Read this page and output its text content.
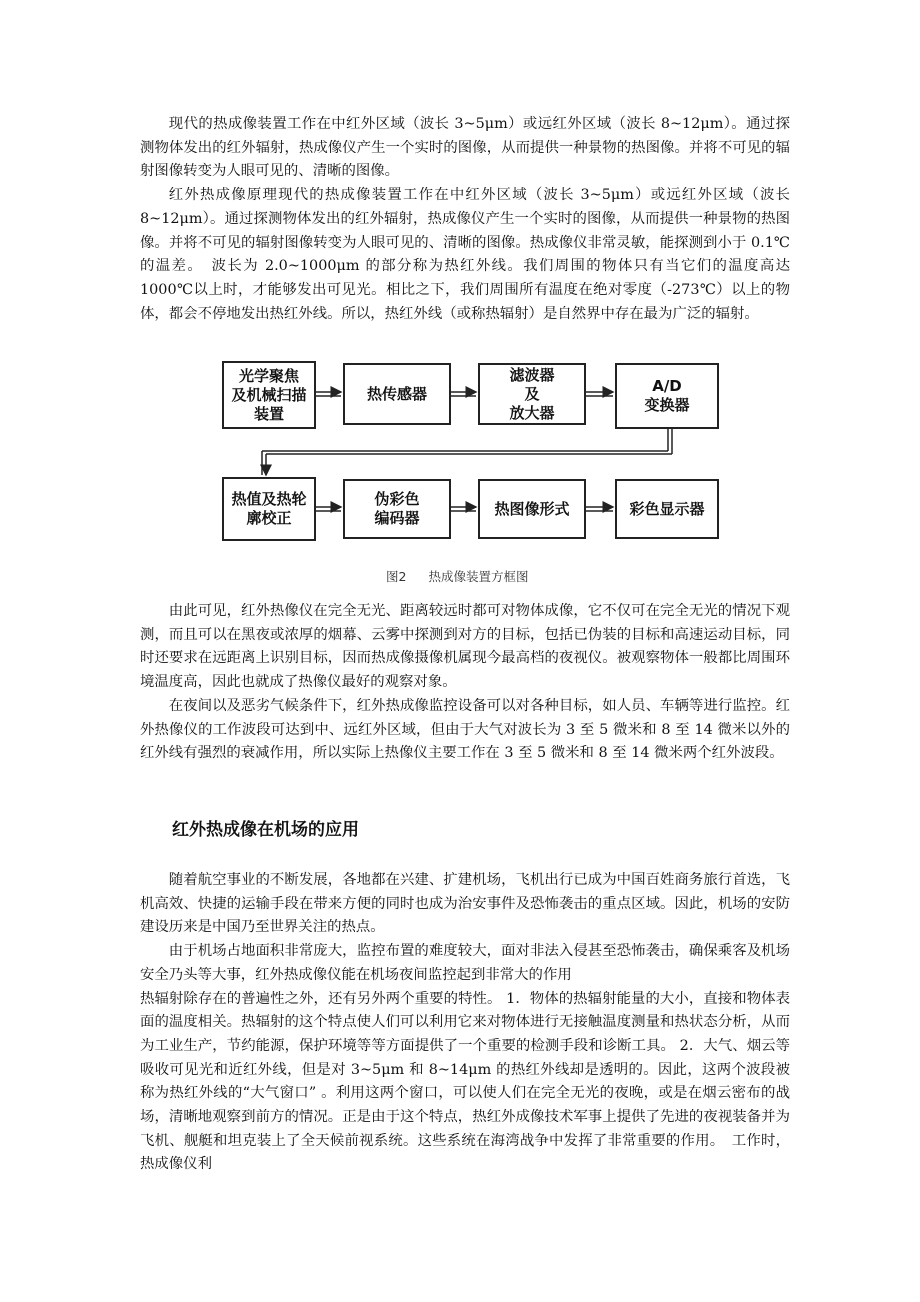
现代的热成像装置工作在中红外区域（波长 3~5μm）或远红外区域（波长 8~12μm）。通过探测物体发出的红外辐射，热成像仪产生一个实时的图像，从而提供一种景物的热图像。并将不可见的辐射图像转变为人眼可见的、清晰的图像。

红外热成像原理现代的热成像装置工作在中红外区域（波长 3~5μm）或远红外区域（波长 8~12μm）。通过探测物体发出的红外辐射，热成像仪产生一个实时的图像，从而提供一种景物的热图像。并将不可见的辐射图像转变为人眼可见的、清晰的图像。热成像仪非常灵敏，能探测到小于 0.1℃的温差。　波长为 2.0~1000μm 的部分称为热红外线。我们周围的物体只有当它们的温度高达 1000℃以上时，才能够发出可见光。相比之下，我们周围所有温度在绝对零度（-273℃）以上的物体，都会不停地发出热红外线。所以，热红外线（或称热辐射）是自然界中存在最为广泛的辐射。

光学聚焦
及机械扫描
装置
热传感器
滤波器
及
放大器
A/D
变换器
热值及热轮
廓校正
伪彩色
编码器
热图像形式	彩色显示器
图2 热成像装置方框图

由此可见，红外热像仪在完全无光、距离较远时都可对物体成像，它不仅可在完全无光的情况下观测，而且可以在黑夜或浓厚的烟幕、云雾中探测到对方的目标，包括已伪装的目标和高速运动目标，同时还要求在远距离上识别目标，因而热成像摄像机属现今最高档的夜视仪。被观察物体一般都比周围环境温度高，因此也就成了热像仪最好的观察对象。

在夜间以及恶劣气候条件下，红外热成像监控设备可以对各种目标，如人员、车辆等进行监控。红外热像仪的工作波段可达到中、远红外区域，但由于大气对波长为 3 至 5 微米和 8 至 14 微米以外的红外线有强烈的衰减作用，所以实际上热像仪主要工作在 3 至 5 微米和 8 至 14 微米两个红外波段。

红外热成像在机场的应用

随着航空事业的不断发展，各地都在兴建、扩建机场，飞机出行已成为中国百姓商务旅行首选，飞机高效、快捷的运输手段在带来方便的同时也成为治安事件及恐怖袭击的重点区域。因此，机场的安防建设历来是中国乃至世界关注的热点。

由于机场占地面积非常庞大，监控布置的难度较大，面对非法入侵甚至恐怖袭击，确保乘客及机场安全乃头等大事，红外热成像仪能在机场夜间监控起到非常大的作用

热辐射除存在的普遍性之外，还有另外两个重要的特性。 1．物体的热辐射能量的大小，直接和物体表面的温度相关。热辐射的这个特点使人们可以利用它来对物体进行无接触温度测量和热状态分析，从而为工业生产，节约能源，保护环境等等方面提供了一个重要的检测手段和诊断工具。 2．大气、烟云等吸收可见光和近红外线，但是对 3~5μm 和 8~14μm 的热红外线却是透明的。因此，这两个波段被称为热红外线的“大气窗口” 。利用这两个窗口，可以使人们在完全无光的夜晚，或是在烟云密布的战场，清晰地观察到前方的情况。正是由于这个特点，热红外成像技术军事上提供了先进的夜视装备并为飞机、舰艇和坦克装上了全天候前视系统。这些系统在海湾战争中发挥了非常重要的作用。　工作时，热成像仪利
